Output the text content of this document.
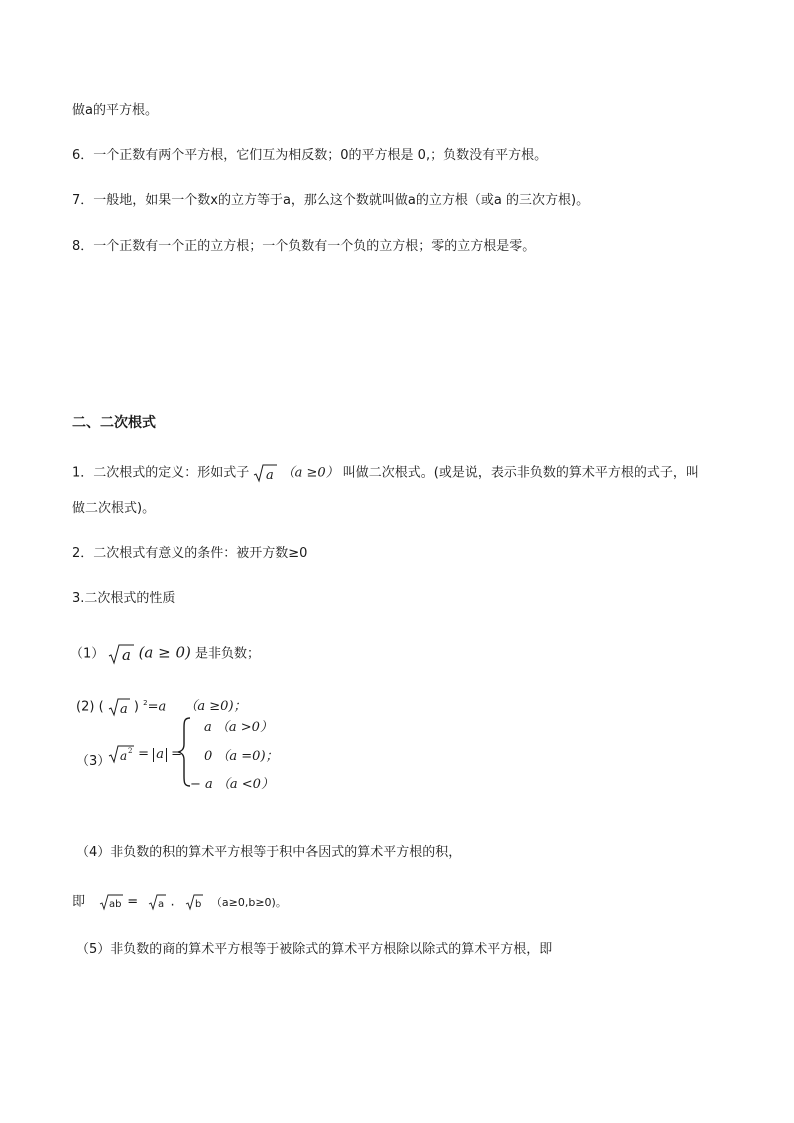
做a的平方根。
6．一个正数有两个平方根，它们互为相反数；0的平方根是 0,；负数没有平方根。
7．一般地，如果一个数x的立方等于a，那么这个数就叫做a的立方根（或a 的三次方根)。
8．一个正数有一个正的立方根；一个负数有一个负的立方根；零的立方根是零。
二、二次根式
1．二次根式的定义：形如式子 a （a ≥0） 叫做二次根式。(或是说，表示非负数的算术平方根的式子，叫
做二次根式)。
2．二次根式有意义的条件：被开方数≥0
3.二次根式的性质
（1） a (a ≥ 0) 是非负数；
(2) ( a ) $^2$=a （a ≥0)；
（3） a 2 = a =
a （a >0）
0 （a =0)；
− a （a <0）
（4）非负数的积的算术平方根等于积中各因式的算术平方根的积，
即 ab = a . b （a≥0,b≥0)。
（5）非负数的商的算术平方根等于被除式的算术平方根除以除式的算术平方根，即
